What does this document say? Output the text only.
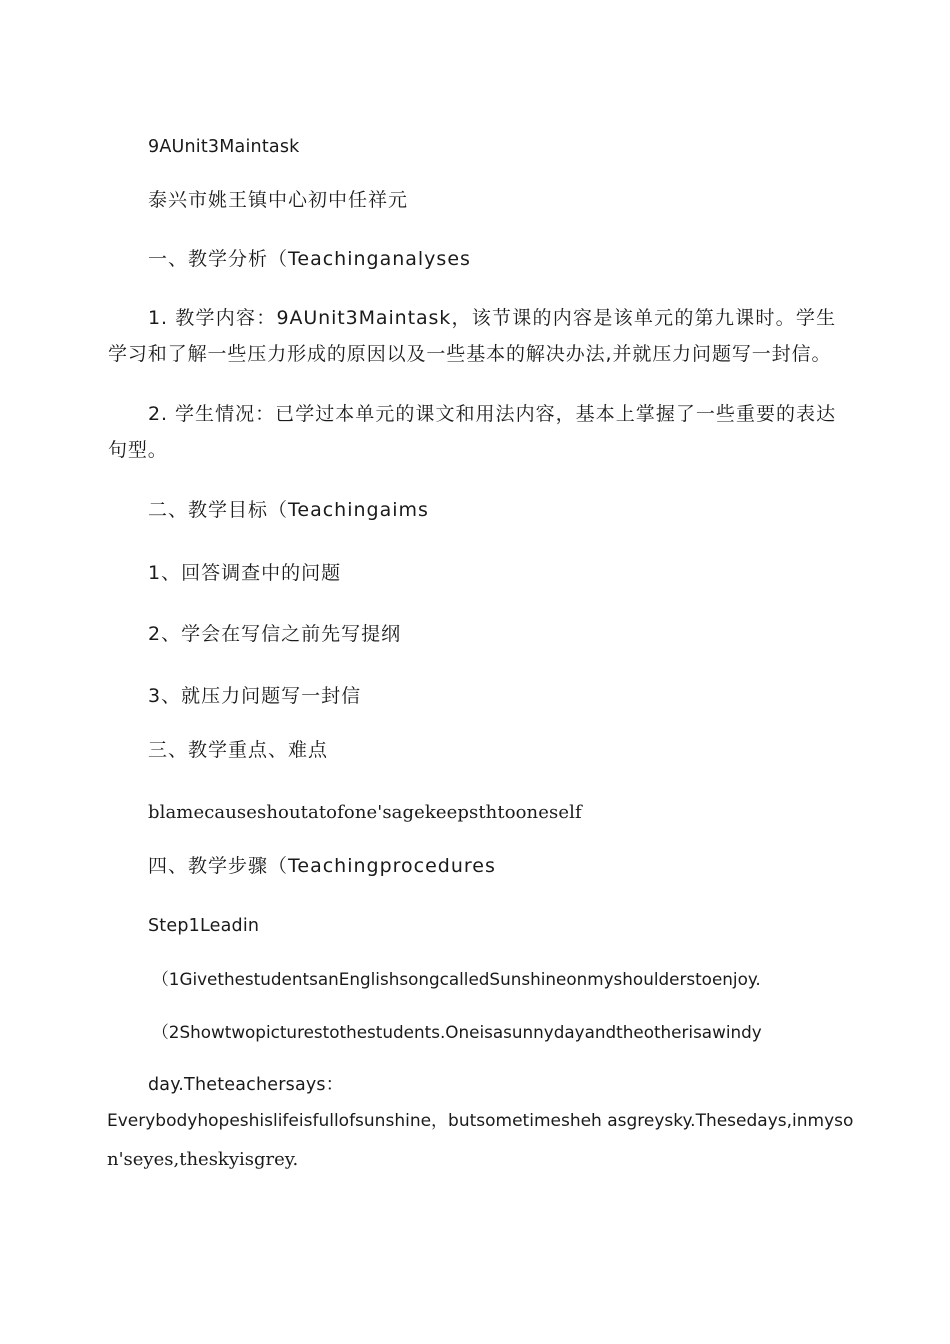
9AUnit3Maintask
泰兴市姚王镇中心初中任祥元
一、教学分析（Teachinganalyses
1. 教学内容：9AUnit3Maintask，该节课的内容是该单元的第九课时。学生学习和了解一些压力形成的原因以及一些基本的解决办法,并就压力问题写一封信。
2. 学生情况：已学过本单元的课文和用法内容，基本上掌握了一些重要的表达句型。
二、教学目标（Teachingaims
1、回答调查中的问题
2、学会在写信之前先写提纲
3、就压力问题写一封信
三、教学重点、难点
blamecauseshoutatofone'sagekeepsthtooneself
四、教学步骤（Teachingprocedures
Step1Leadin
（1GivethestudentsanEnglishsongcalledSunshineonmyshoulderstoenjoy.
（2Showtwopicturestothestudents.Oneisasunnydayandtheotherisawindy
day.Theteachersays：
Everybodyhopeshislifeisfullofsunshine，butsometimesheh asgreysky.Thesedays,inmyso
n'seyes,theskyisgrey.
